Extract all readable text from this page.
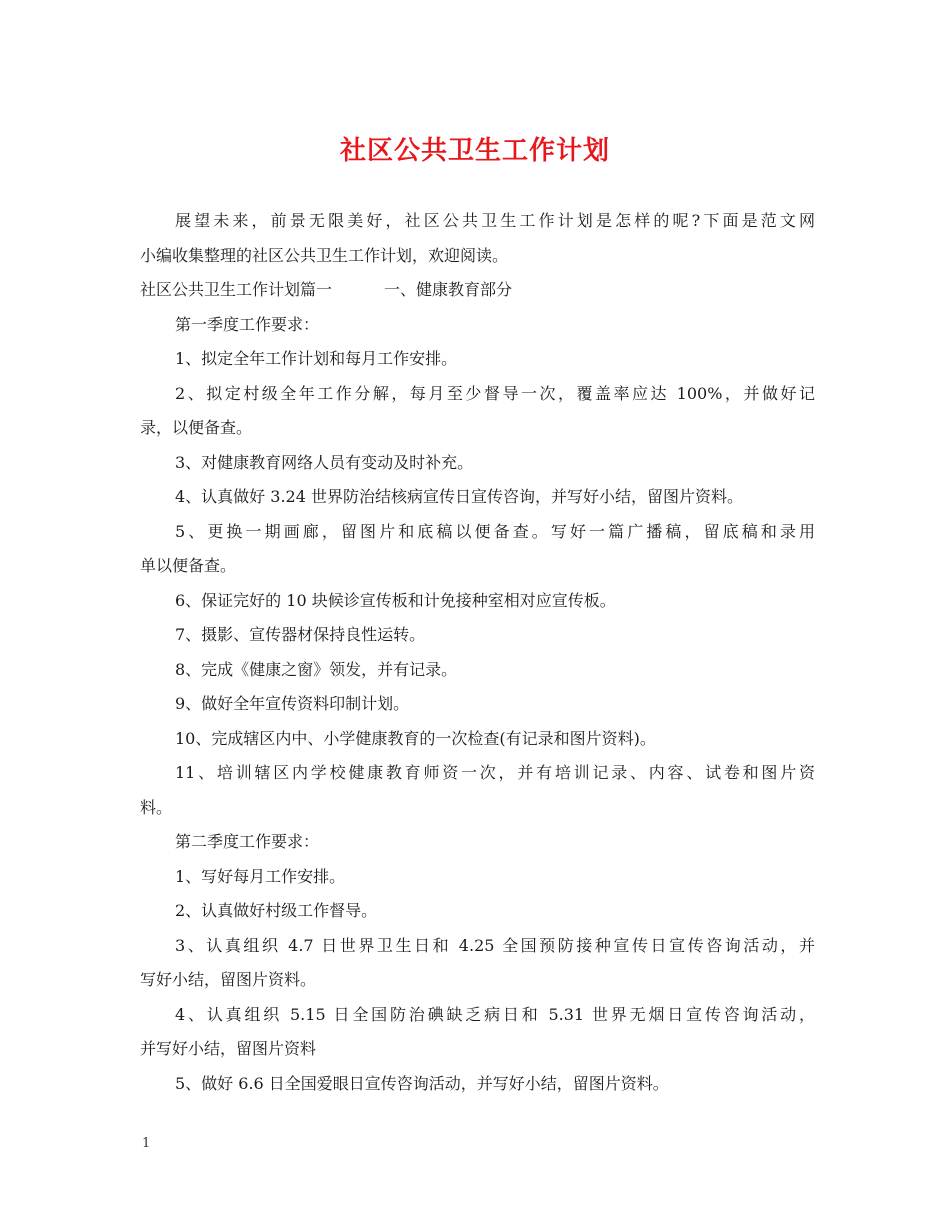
社区公共卫生工作计划
展望未来，前景无限美好，社区公共卫生工作计划是怎样的呢?下面是范文网
小编收集整理的社区公共卫生工作计划，欢迎阅读。
社区公共卫生工作计划篇一	一、健康教育部分
第一季度工作要求：
1、拟定全年工作计划和每月工作安排。
2、拟定村级全年工作分解，每月至少督导一次，覆盖率应达 100%，并做好记
录，以便备查。
3、对健康教育网络人员有变动及时补充。
4、认真做好 3.24 世界防治结核病宣传日宣传咨询，并写好小结，留图片资料。
5、更换一期画廊，留图片和底稿以便备查。写好一篇广播稿，留底稿和录用
单以便备查。
6、保证完好的 10 块候诊宣传板和计免接种室相对应宣传板。
7、摄影、宣传器材保持良性运转。
8、完成《健康之窗》领发，并有记录。
9、做好全年宣传资料印制计划。
10、完成辖区内中、小学健康教育的一次检查(有记录和图片资料)。
11、培训辖区内学校健康教育师资一次，并有培训记录、内容、试卷和图片资
料。
第二季度工作要求：
1、写好每月工作安排。
2、认真做好村级工作督导。
3、认真组织 4.7 日世界卫生日和 4.25 全国预防接种宣传日宣传咨询活动，并
写好小结，留图片资料。
4、认真组织 5.15 日全国防治碘缺乏病日和 5.31 世界无烟日宣传咨询活动，
并写好小结，留图片资料
5、做好 6.6 日全国爱眼日宣传咨询活动，并写好小结，留图片资料。
1
